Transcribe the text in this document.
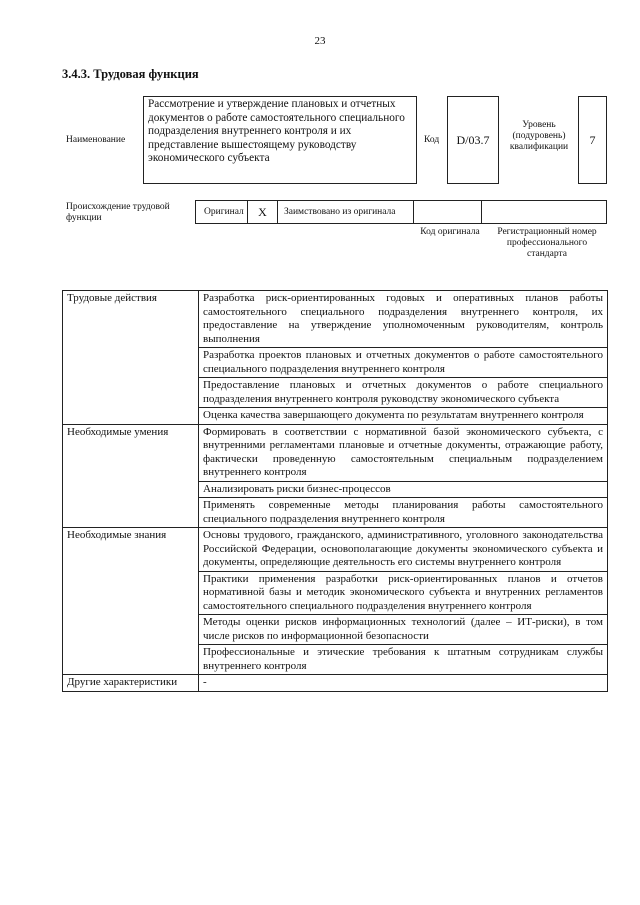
23
3.4.3. Трудовая функция
Наименование
Рассмотрение и утверждение плановых и отчетных документов о работе самостоятельного специального подразделения внутреннего контроля и их представление вышестоящему руководству экономического субъекта
Код	D/03.7
Уровень (подуровень) квалификации
7
Происхождение трудовой функции
Оригинал	X	Заимствовано из оригинала
Код оригинала	Регистрационный номер профессионального стандарта
Трудовые действия	Разработка риск-ориентированных годовых и оперативных планов работы самостоятельного специального подразделения внутреннего контроля, их предоставление на утверждение уполномоченным руководителям, контроль выполнения
	Разработка проектов плановых и отчетных документов о работе самостоятельного специального подразделения внутреннего контроля
	Предоставление плановых и отчетных документов о работе специального подразделения внутреннего контроля руководству экономического субъекта
	Оценка качества завершающего документа по результатам внутреннего контроля
Необходимые умения	Формировать в соответствии с нормативной базой экономического субъекта, с внутренними регламентами плановые и отчетные документы, отражающие работу, фактически проведенную самостоятельным специальным подразделением внутреннего контроля
	Анализировать риски бизнес-процессов
	Применять современные методы планирования работы самостоятельного специального подразделения внутреннего контроля
Необходимые знания	Основы трудового, гражданского, административного, уголовного законодательства Российской Федерации, основополагающие документы экономического субъекта и документы, определяющие деятельность его системы внутреннего контроля
	Практики применения разработки риск-ориентированных планов и отчетов нормативной базы и методик экономического субъекта и внутренних регламентов самостоятельного специального подразделения внутреннего контроля
	Методы оценки рисков информационных технологий (далее – ИТ-риски), в том числе рисков по информационной безопасности
	Профессиональные и этические требования к штатным сотрудникам службы внутреннего контроля
Другие характеристики	-
